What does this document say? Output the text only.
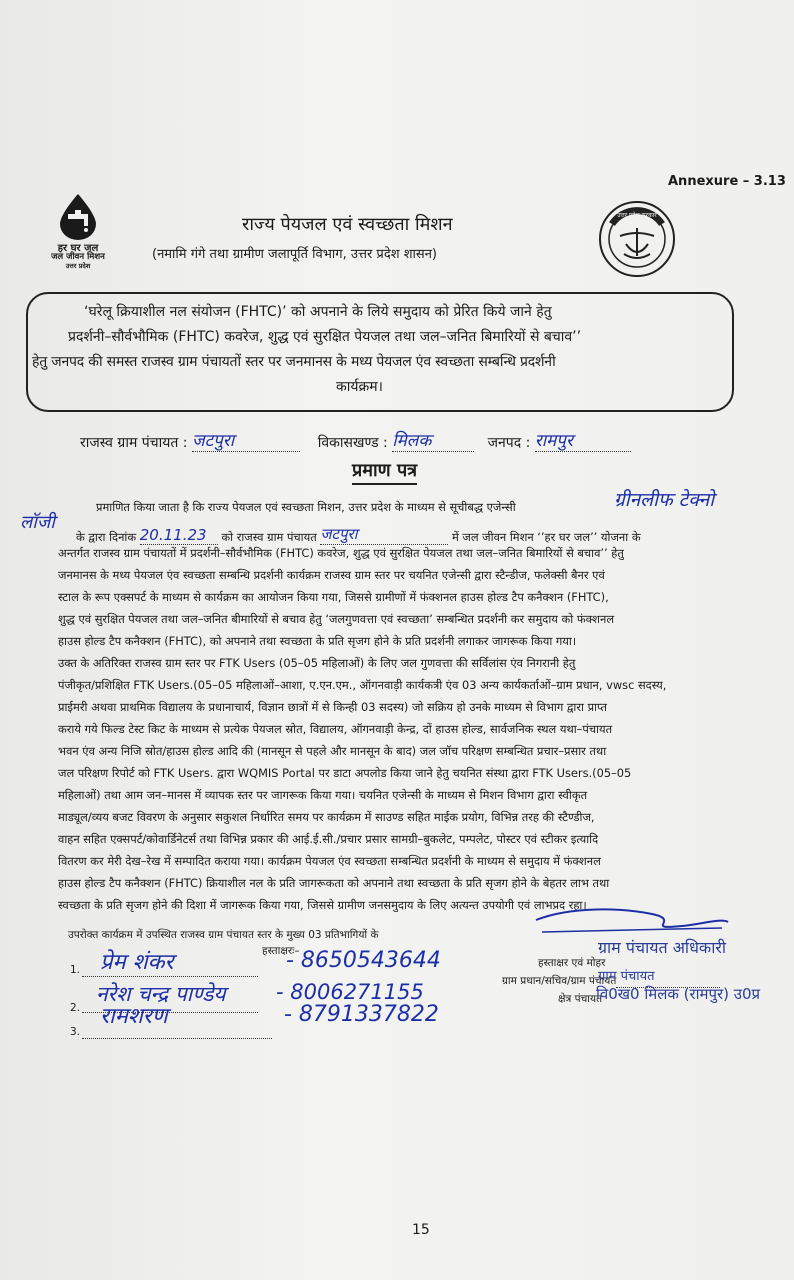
Annexure – 3.13
हर घर जल
जल जीवन मिशन
उत्तर प्रदेश
राज्य पेयजल एवं स्वच्छता मिशन
(नमामि गंगे तथा ग्रामीण जलापूर्ति विभाग, उत्तर प्रदेश शासन)
उत्तर प्रदेश सरकार
‘घरेलू क्रियाशील नल संयोजन (FHTC)’ को अपनाने के लिये समुदाय को प्रेरित किये जाने हेतु
प्रदर्शनी–सौर्वभौमिक (FHTC) कवरेज, शुद्ध एवं सुरक्षित पेयजल तथा जल–जनित बिमारियों से बचाव’’
हेतु जनपद की समस्त राजस्व ग्राम पंचायतों स्तर पर जनमानस के मध्य पेयजल एंव स्वच्छता सम्बन्धि प्रदर्शनी
कार्यक्रम।
राजस्व ग्राम पंचायत : जटपुरा	विकासखण्ड : मिलक	जनपद : रामपुर
प्रमाण पत्र
प्रमाणित किया जाता है कि राज्य पेयजल एवं स्वच्छता मिशन, उत्तर प्रदेश के माध्यम से सूचीबद्ध एजेन्सी	ग्रीनलीफ टेक्नो
लॉजी
के द्वारा दिनांक 20.11.23 को राजस्व ग्राम पंचायत जटपुरा	में जल जीवन मिशन ‘’हर घर जल’’ योजना के
अन्तर्गत राजस्व ग्राम पंचायतों में प्रदर्शनी–सौर्वभौमिक (FHTC) कवरेज, शुद्ध एवं सुरक्षित पेयजल तथा जल–जनित बिमारियों से बचाव’’ हेतु
जनमानस के मध्य पेयजल एंव स्वच्छता सम्बन्धि प्रदर्शनी कार्यक्रम राजस्व ग्राम स्तर पर चयनित एजेन्सी द्वारा स्टैन्डीज, फलेक्सी बैनर एवं
स्टाल के रूप एक्सपर्ट के माध्यम से कार्यक्रम का आयोजन किया गया, जिससे ग्रामीणों में फंक्शनल हाउस होल्ड टैप कनैक्शन (FHTC),
शुद्ध एवं सुरक्षित पेयजल तथा जल–जनित बीमारियों से बचाव हेतु ‘जलगुणवत्ता एवं स्वच्छता’ सम्बन्धित प्रदर्शनी कर समुदाय को फंक्शनल
हाउस होल्ड टैप कनैक्शन (FHTC), को अपनाने तथा स्वच्छता के प्रति सृजग होने के प्रति प्रदर्शनी लगाकर जागरूक किया गया।
उक्त के अतिरिक्त राजस्व ग्राम स्तर पर FTK Users (05–05 महिलाओं) के लिए जल गुणवत्ता की सर्विलांस एंव निगरानी हेतु
पंजीकृत/प्रशिक्षित FTK Users.(05–05 महिलाओं–आशा, ए.एन.एम., ऑगनवाड़ी कार्यकत्री एंव 03 अन्य कार्यकर्ताओं–ग्राम प्रधान, vwsc सदस्य,
प्राईमरी अथवा प्राथमिक विद्यालय के प्रधानाचार्य, विज्ञान छात्रों में से किन्ही 03 सदस्य) जो सक्रिय हो उनके माध्यम से विभाग द्वारा प्राप्त
कराये गये फिल्ड टेस्ट किट के माध्यम से प्रत्येक पेयजल स्रोत, विद्यालय, ऑगनवाड़ी केन्द्र, दों हाउस होल्ड, सार्वजनिक स्थल यथा–पंचायत
भवन एंव अन्य निजि स्रोत/हाउस होल्ड आदि की (मानसून से पहले और मानसून के बाद) जल जॉच परिक्षण सम्बन्धित प्रचार–प्रसार तथा
जल परिक्षण रिपोर्ट को FTK Users. द्वारा WQMIS Portal पर डाटा अपलोड किया जाने हेतु चयनित संस्था द्वारा FTK Users.(05–05
महिलाओं) तथा आम जन–मानस में व्यापक स्तर पर जागरूक किया गया। चयनित एजेन्सी के माध्यम से मिशन विभाग द्वारा स्वीकृत
माड्यूल/व्यय बजट विवरण के अनुसार सकुशल निर्धारित समय पर कार्यक्रम में साउण्ड सहित माईक प्रयोग, विभिन्न तरह की स्टैण्डीज,
वाहन सहित एक्सपर्ट/कोवार्डिनेटर्स तथा विभिन्न प्रकार की आई.ई.सी./प्रचार प्रसार सामग्री–बुकलेट, पम्पलेट, पोस्टर एवं स्टीकर इत्यादि
वितरण कर मेरी देख–रेख में सम्पादित कराया गया। कार्यक्रम पेयजल एंव स्वच्छता सम्बन्धित प्रदर्शनी के माध्यम से समुदाय में फंक्शनल
हाउस होल्ड टैप कनैक्शन (FHTC) क्रियाशील नल के प्रति जागरूकता को अपनाने तथा स्वच्छता के प्रति सृजग होने के बेहतर लाभ तथा
स्वच्छता के प्रति सृजग होने की दिशा में जागरूक किया गया, जिससे ग्रामीण जनसमुदाय के लिए अत्यन्त उपयोगी एवं लाभप्रद रहा।
उपरोक्त कार्यक्रम में उपस्थित राजस्व ग्राम पंचायत स्तर के मुख्य 03 प्रतिभागियों के
हस्ताक्षरः–
1. प्रेम शंकर	- 8650543644
2.
नरेश चन्द्र पाण्डेय - 8006271155
3.
रामशरण	- 8791337822
हस्ताक्षर एवं मोहर
ग्राम पंचायत अधिकारी
ग्राम प्रधान/सचिव/ग्राम पंचायत
ग्राम पंचायत
क्षेत्र पंचायत
वि0ख0 मिलक (रामपुर) उ0प्र
15
